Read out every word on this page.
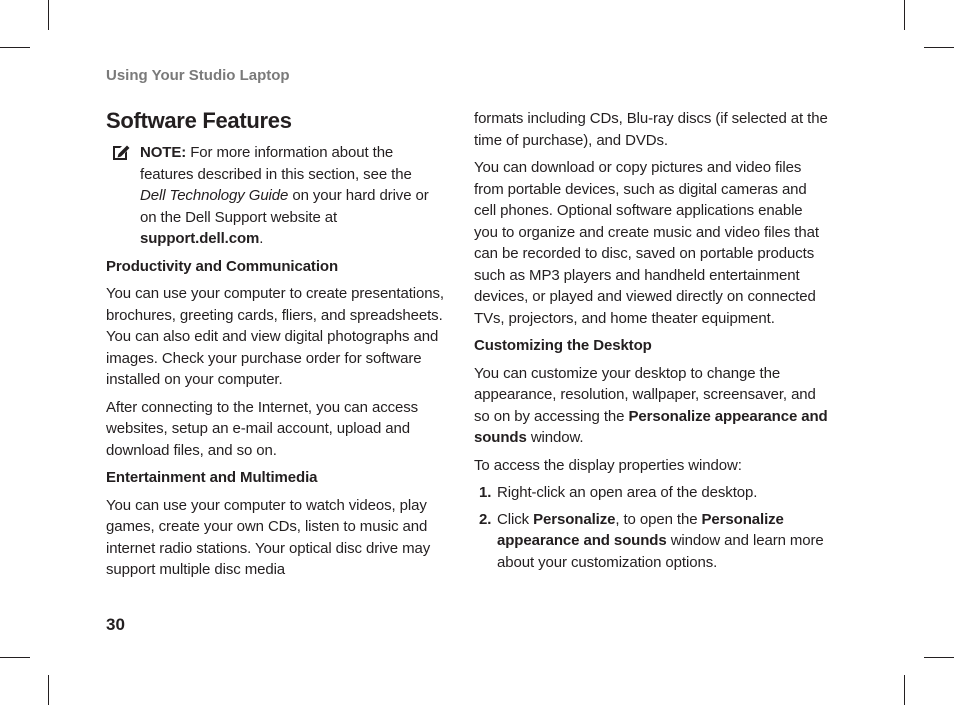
Using Your Studio Laptop
Software Features
NOTE: For more information about the features described in this section, see the Dell Technology Guide on your hard drive or on the Dell Support website at support.dell.com.
Productivity and Communication

You can use your computer to create presentations, brochures, greeting cards, fliers, and spreadsheets. You can also edit and view digital photographs and images. Check your purchase order for software installed on your computer.

After connecting to the Internet, you can access websites, setup an e-mail account, upload and download files, and so on.

Entertainment and Multimedia

You can use your computer to watch videos, play games, create your own CDs, listen to music and internet radio stations. Your optical disc drive may support multiple disc media

formats including CDs, Blu-ray discs (if selected at the time of purchase), and DVDs.

You can download or copy pictures and video files from portable devices, such as digital cameras and cell phones. Optional software applications enable you to organize and create music and video files that can be recorded to disc, saved on portable products such as MP3 players and handheld entertainment devices, or played and viewed directly on connected TVs, projectors, and home theater equipment.

Customizing the Desktop

You can customize your desktop to change the appearance, resolution, wallpaper, screensaver, and so on by accessing the Personalize appearance and sounds window.

To access the display properties window:

1. Right-click an open area of the desktop.
2. Click Personalize, to open the Personalize appearance and sounds window and learn more about your customization options.
30
